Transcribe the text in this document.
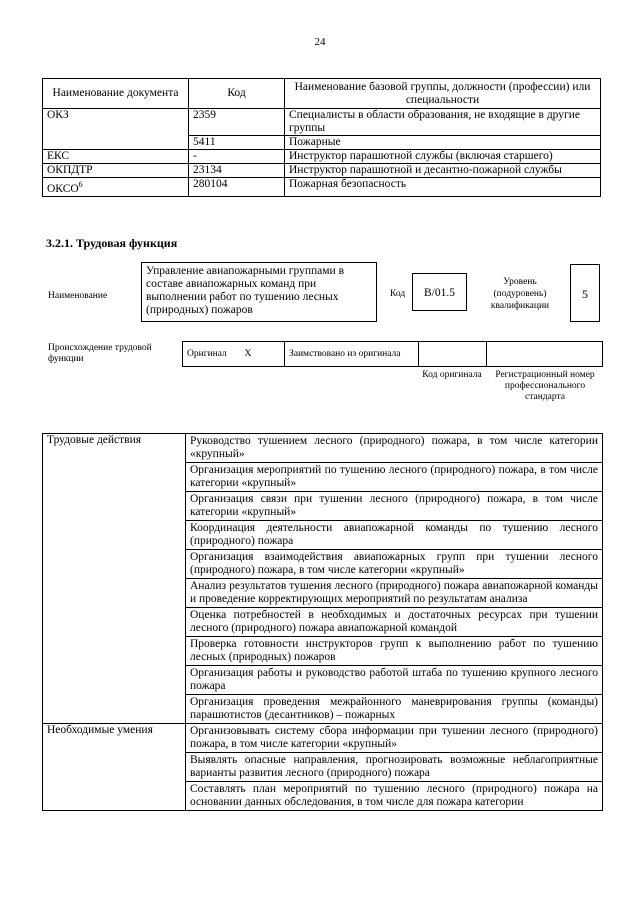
24
Наименование документа	Код	Наименование базовой группы, должности (профессии) или специальности
ОКЗ	2359	Специалисты в области образования, не входящие в другие группы
	5411	Пожарные
ЕКС	-	Инструктор парашютной службы (включая старшего)
ОКПДТР	23134	Инструктор парашютной и десантно-пожарной службы
ОКСО$^6$	280104	Пожарная безопасность
3.2.1. Трудовая функция
Наименование
Управление авиапожарными группами в составе авиапожарных команд при выполнении работ по тушению лесных (природных) пожаров
Код	B/01.5
Уровень (подуровень) квалификации
5
Происхождение трудовой функции
Оригинал	X	Заимствовано из оригинала		
Код оригинала	Регистрационный номер профессионального стандарта
Трудовые действия	Руководство тушением лесного (природного) пожара, в том числе категории «крупный»
	Организация мероприятий по тушению лесного (природного) пожара, в том числе категории «крупный»
	Организация связи при тушении лесного (природного) пожара, в том числе категории «крупный»
	Координация деятельности авиапожарной команды по тушению лесного (природного) пожара
	Организация взаимодействия авиапожарных групп при тушении лесного (природного) пожара, в том числе категории «крупный»
	Анализ результатов тушения лесного (природного) пожара авиапожарной команды и проведение корректирующих мероприятий по результатам анализа
	Оценка потребностей в необходимых и достаточных ресурсах при тушении лесного (природного) пожара авиапожарной командой
	Проверка готовности инструкторов групп к выполнению работ по тушению лесных (природных) пожаров
	Организация работы и руководство работой штаба по тушению крупного лесного пожара
	Организация проведения межрайонного маневрирования группы (команды) парашютистов (десантников) – пожарных
Необходимые умения	Организовывать систему сбора информации при тушении лесного (природного) пожара, в том числе категории «крупный»
	Выявлять опасные направления, прогнозировать возможные неблагоприятные варианты развития лесного (природного) пожара
	Составлять план мероприятий по тушению лесного (природного) пожара на основании данных обследования, в том числе для пожара категории
